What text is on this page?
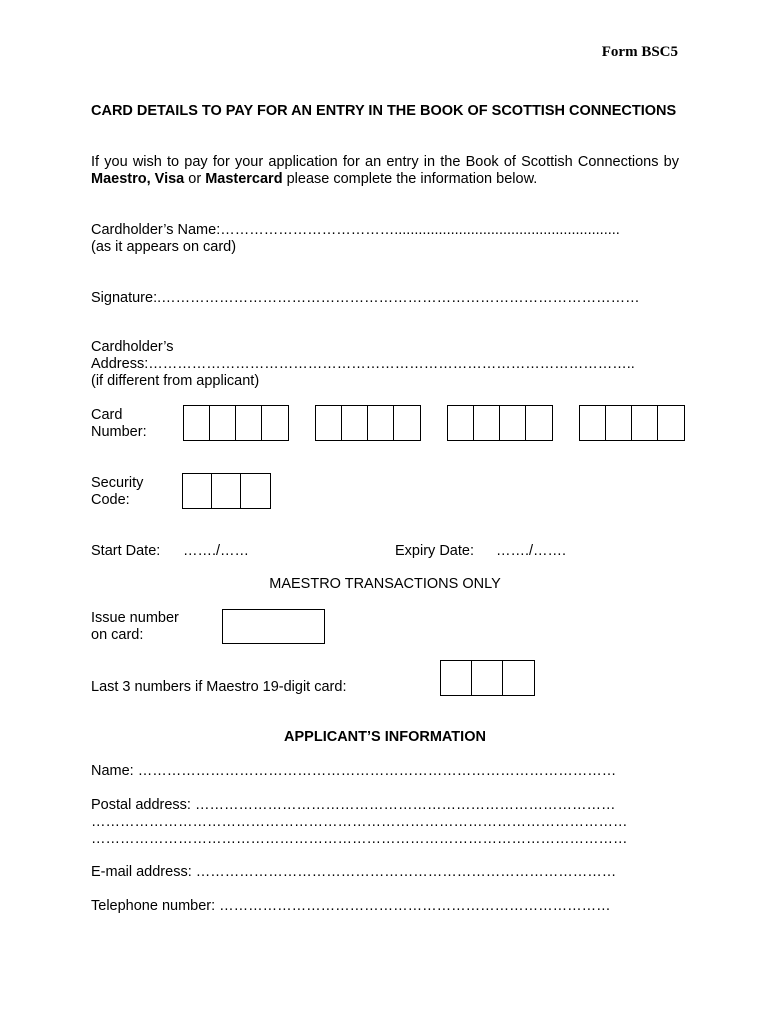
Form BSC5
CARD DETAILS TO PAY FOR AN ENTRY IN THE BOOK OF SCOTTISH CONNECTIONS
If you wish to pay for your application for an entry in the Book of Scottish Connections by Maestro, Visa or Mastercard please complete the information below.
Cardholder’s Name:………………………………........................................................
(as it appears on card)
Signature:.………………………………………………………………………………………
Cardholder’s
Address:………………………………………………………………………………………..
(if different from applicant)
Card
Number:
Security
Code:
Start Date: ……./……	Expiry Date: ……./…….
MAESTRO TRANSACTIONS ONLY
Issue number
on card:
Last 3 numbers if Maestro 19-digit card:
APPLICANT’S INFORMATION
Name: ………………………………………………………………………………………
Postal address: ……………………………………………………………………………
…………………………………………………………………………………………………
…………………………………………………………………………………………………
E-mail address: ……………………………………………………………………………
Telephone number: ………………………………………………………………………
